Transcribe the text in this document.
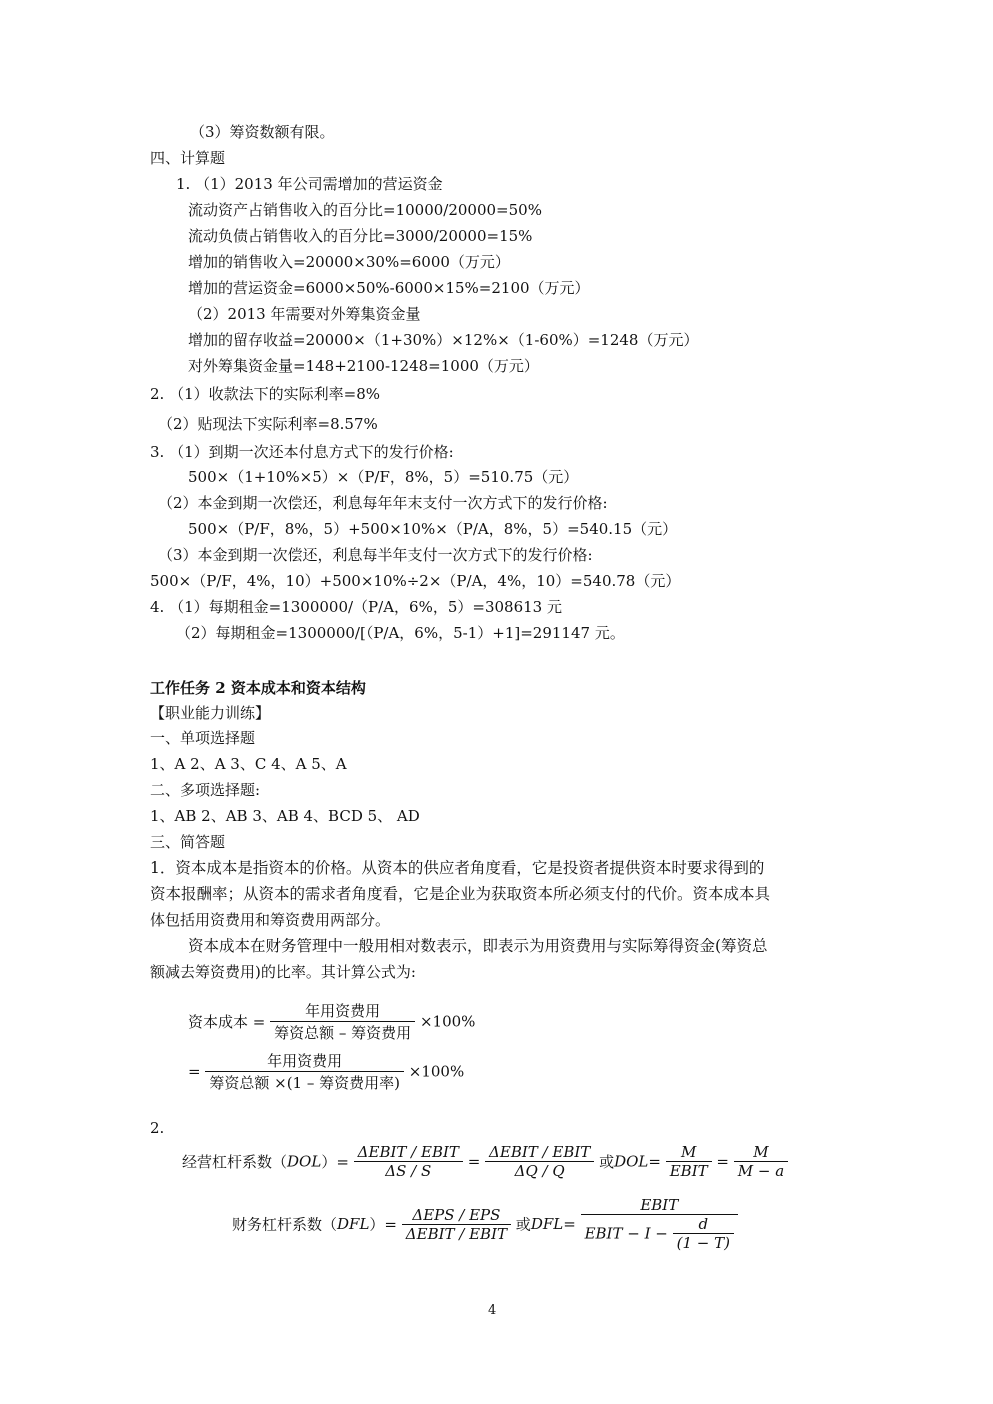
（3）筹资数额有限。
四、计算题
1. （1）2013 年公司需增加的营运资金
流动资产占销售收入的百分比=10000/20000=50%
流动负债占销售收入的百分比=3000/20000=15%
增加的销售收入=20000×30%=6000（万元）
增加的营运资金=6000×50%-6000×15%=2100（万元）
（2）2013 年需要对外筹集资金量
增加的留存收益=20000×（1+30%）×12%×（1-60%）=1248（万元）
对外筹集资金量=148+2100-1248=1000（万元）
2. （1）收款法下的实际利率=8%
（2）贴现法下实际利率=8.57%
3. （1）到期一次还本付息方式下的发行价格:
500×（1+10%×5）×（P/F，8%，5）=510.75（元）
（2）本金到期一次偿还，利息每年年末支付一次方式下的发行价格:
500×（P/F，8%，5）+500×10%×（P/A，8%，5）=540.15（元）
（3）本金到期一次偿还，利息每半年支付一次方式下的发行价格:
500×（P/F，4%，10）+500×10%÷2×（P/A，4%，10）=540.78（元）
4. （1）每期租金=1300000/（P/A，6%，5）=308613 元
（2）每期租金=1300000/[（P/A，6%，5-1）+1]=291147 元。
工作任务 2 资本成本和资本结构
【职业能力训练】
一、单项选择题
1、A 2、A 3、C 4、A 5、A
二、多项选择题:
1、AB 2、AB 3、AB 4、BCD 5、 AD
三、简答题
1．资本成本是指资本的价格。从资本的供应者角度看，它是投资者提供资本时要求得到的
资本报酬率；从资本的需求者角度看，它是企业为获取资本所必须支付的代价。资本成本具
体包括用资费用和筹资费用两部分。
资本成本在财务管理中一般用相对数表示，即表示为用资费用与实际筹得资金(筹资总
额减去筹资费用)的比率。其计算公式为:
资本成本 = $\frac{\text{年用资费用}}{\text{筹资总额 – 筹资费用}} \times 100\%$
= $\frac{\text{年用资费用}}{\text{筹资总额 ×(1 – 筹资费用率)}} \times 100\%$
2.
经营杠杆系数$(DOL)= \frac{\text{ΔEBIT / EBIT}}{\Delta S / S} = \frac{\text{ΔEBIT / EBIT}}{\Delta Q / Q}$ 或$DOL= \frac{M}{\text{EBIT}} = \frac{M}{M - a}$
财务杠杆系数$(DFL)= \frac{\text{ΔEPS / EPS}}{\text{ΔEBIT / EBIT}}$ 或$DFL= \frac{\text{EBIT}}{EBIT - I - \frac{d}{(1 - T)}}$
4
